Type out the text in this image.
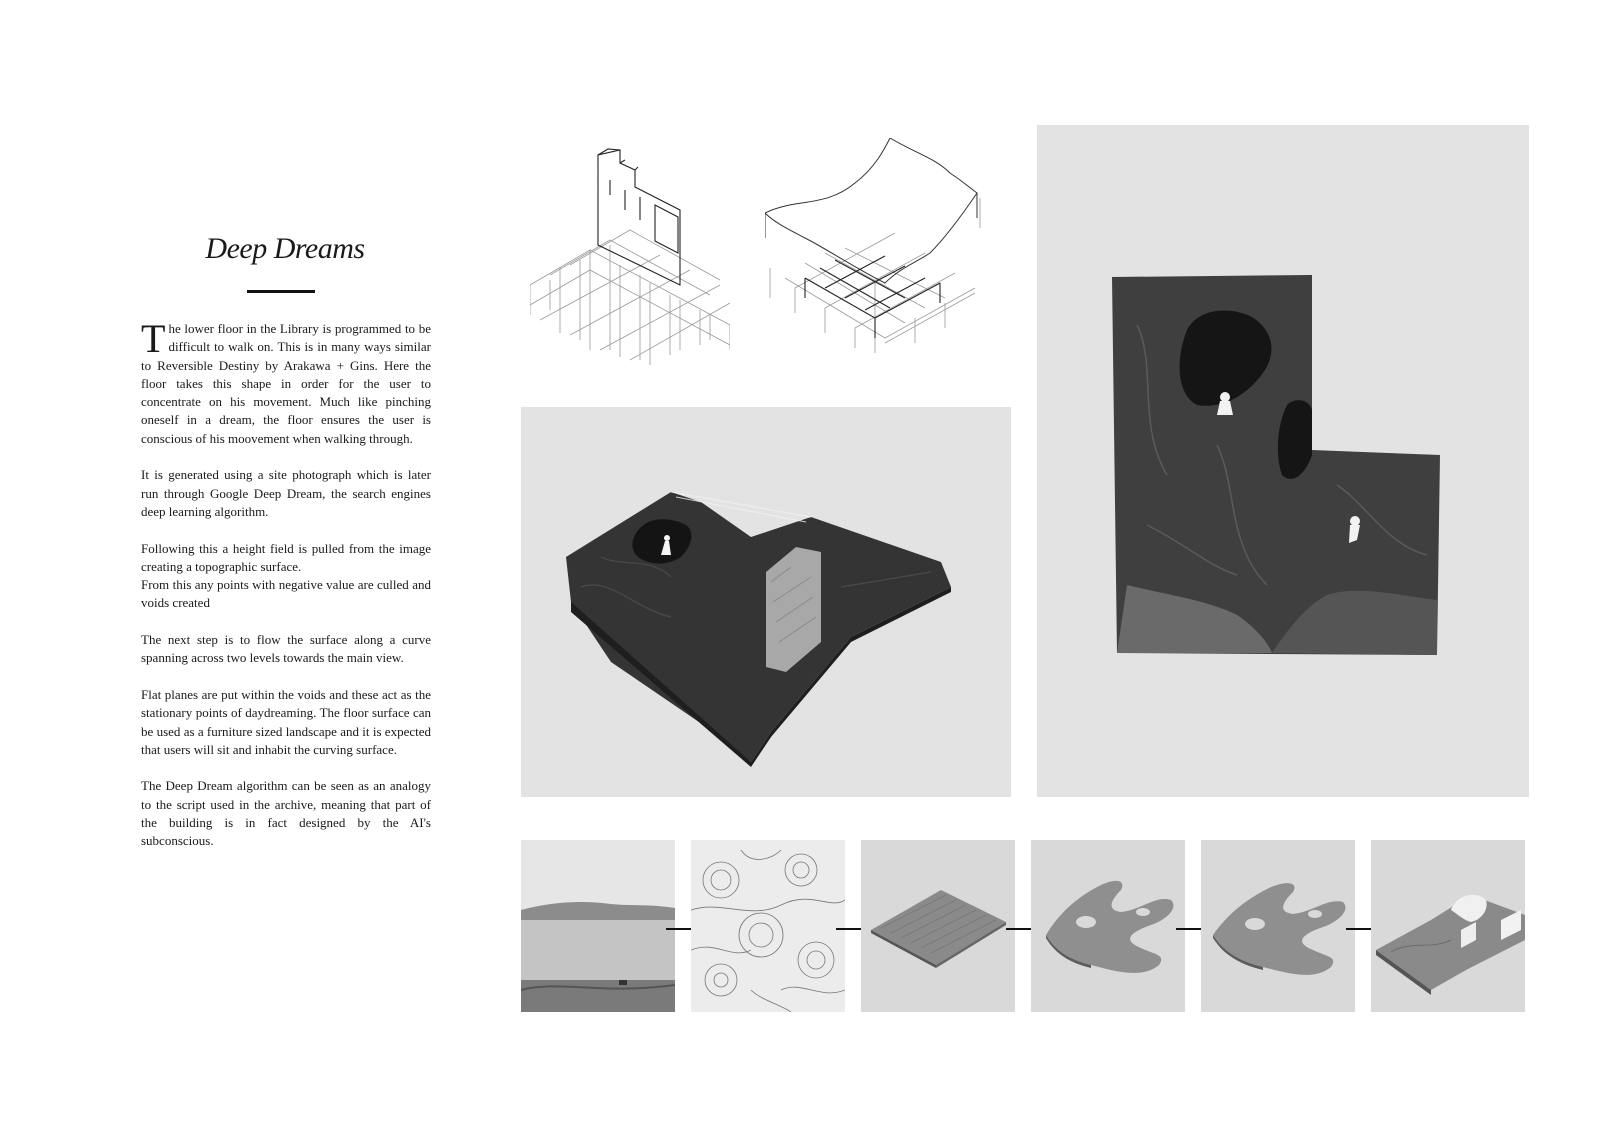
Deep Dreams

The lower floor in the Library is programmed to be difficult to walk on. This is in many ways similar to Reversible Destiny by Arakawa + Gins. Here the floor takes this shape in order for the user to concentrate on his movement. Much like pinching oneself in a dream, the floor ensures the user is conscious of his moovement when walking through.

It is generated using a site photograph which is later run through Google Deep Dream, the search engines deep learning algorithm.

Following this a height field is pulled from the image creating a topographic surface.
From this any points with negative value are culled and voids created

The next step is to flow the surface along a curve spanning across two levels towards the main view.

Flat planes are put within the voids and these act as the stationary points of daydreaming. The floor surface can be used as a furniture sized landscape and it is expected that users will sit and inhabit the curving surface.

The Deep Dream algorithm can be seen as an analogy to the script used in the archive, meaning that part of the building is in fact designed by the AI's subconscious.
